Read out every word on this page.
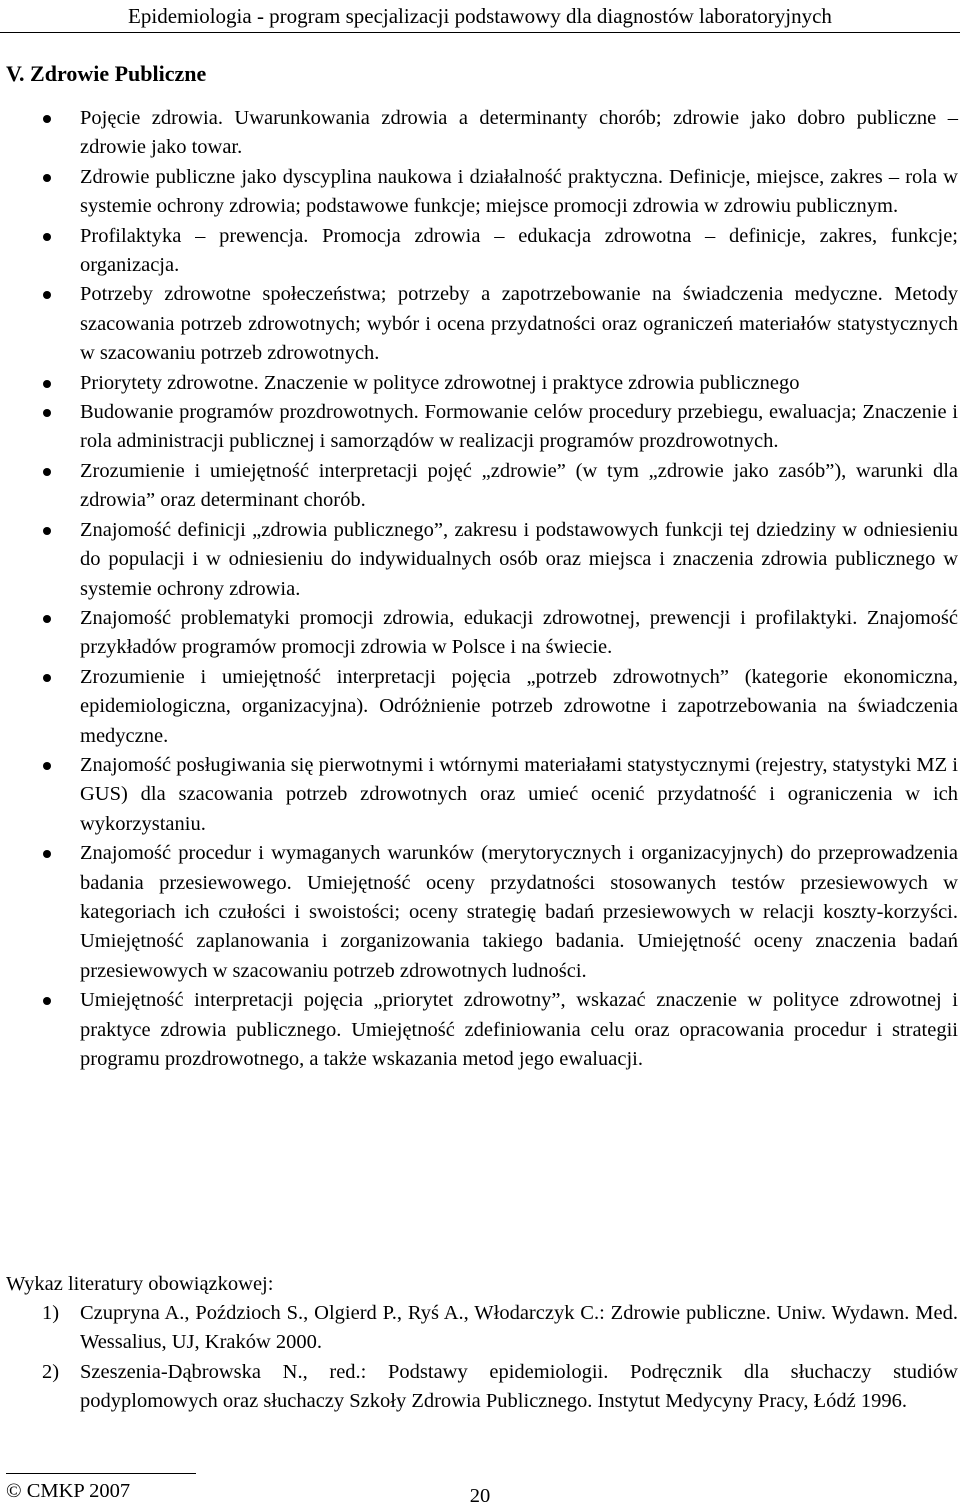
Epidemiologia - program specjalizacji podstawowy dla diagnostów laboratoryjnych
V. Zdrowie Publiczne
Pojęcie zdrowia. Uwarunkowania zdrowia a determinanty chorób; zdrowie jako dobro publiczne – zdrowie jako towar.
Zdrowie publiczne jako dyscyplina naukowa i działalność praktyczna. Definicje, miejsce, zakres – rola w systemie ochrony zdrowia; podstawowe funkcje; miejsce promocji zdrowia w zdrowiu publicznym.
Profilaktyka – prewencja. Promocja zdrowia – edukacja zdrowotna – definicje, zakres, funkcje; organizacja.
Potrzeby zdrowotne społeczeństwa; potrzeby a zapotrzebowanie na świadczenia medyczne. Metody szacowania potrzeb zdrowotnych; wybór i ocena przydatności oraz ograniczeń materiałów statystycznych w szacowaniu potrzeb zdrowotnych.
Priorytety zdrowotne. Znaczenie w polityce zdrowotnej i praktyce zdrowia publicznego
Budowanie programów prozdrowotnych. Formowanie celów procedury przebiegu, ewaluacja; Znaczenie i rola administracji publicznej i samorządów w realizacji programów prozdrowotnych.
Zrozumienie i umiejętność interpretacji pojęć „zdrowie” (w tym „zdrowie jako zasób”), warunki dla zdrowia” oraz determinant chorób.
Znajomość definicji „zdrowia publicznego”, zakresu i podstawowych funkcji tej dziedziny w odniesieniu do populacji i w odniesieniu do indywidualnych osób oraz miejsca i znaczenia zdrowia publicznego w systemie ochrony zdrowia.
Znajomość problematyki promocji zdrowia, edukacji zdrowotnej, prewencji i profilaktyki. Znajomość przykładów programów promocji zdrowia w Polsce i na świecie.
Zrozumienie i umiejętność interpretacji pojęcia „potrzeb zdrowotnych” (kategorie ekonomiczna, epidemiologiczna, organizacyjna). Odróżnienie potrzeb zdrowotne i zapotrzebowania na świadczenia medyczne.
Znajomość posługiwania się pierwotnymi i wtórnymi materiałami statystycznymi (rejestry, statystyki MZ i GUS) dla szacowania potrzeb zdrowotnych oraz umieć ocenić przydatność i ograniczenia w ich wykorzystaniu.
Znajomość procedur i wymaganych warunków (merytorycznych i organizacyjnych) do przeprowadzenia badania przesiewowego. Umiejętność oceny przydatności stosowanych testów przesiewowych w kategoriach ich czułości i swoistości; oceny strategię badań przesiewowych w relacji koszty-korzyści. Umiejętność zaplanowania i zorganizowania takiego badania. Umiejętność oceny znaczenia badań przesiewowych w szacowaniu potrzeb zdrowotnych ludności.
Umiejętność interpretacji pojęcia „priorytet zdrowotny”, wskazać znaczenie w polityce zdrowotnej i praktyce zdrowia publicznego. Umiejętność zdefiniowania celu oraz opracowania procedur i strategii programu prozdrowotnego, a także wskazania metod jego ewaluacji.
Wykaz literatury obowiązkowej:
1) Czupryna A., Poździoch S., Olgierd P., Ryś A., Włodarczyk C.: Zdrowie publiczne. Uniw. Wydawn. Med. Wessalius, UJ, Kraków 2000.
2) Szeszenia-Dąbrowska N., red.: Podstawy epidemiologii. Podręcznik dla słuchaczy studiów podyplomowych oraz słuchaczy Szkoły Zdrowia Publicznego. Instytut Medycyny Pracy, Łódź 1996.
© CMKP 2007	20
